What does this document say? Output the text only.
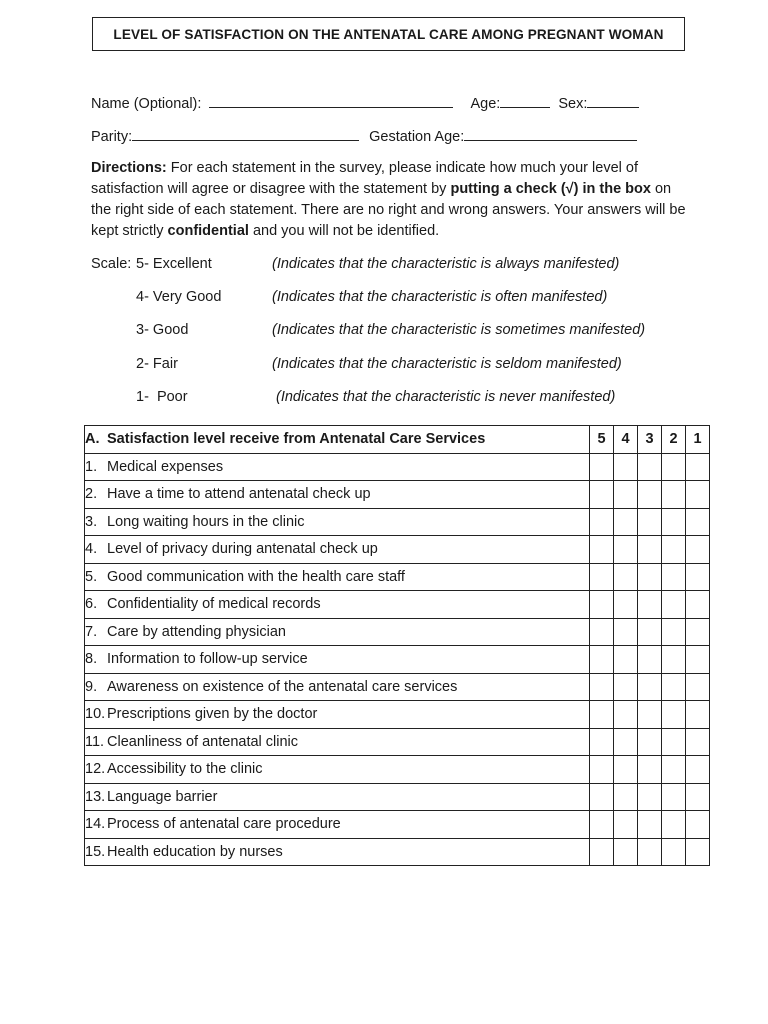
LEVEL OF SATISFACTION ON THE ANTENATAL CARE AMONG PREGNANT WOMAN
Name (Optional):	Age:	Sex:
Parity:	Gestation Age:
Directions: For each statement in the survey, please indicate how much your level of satisfaction will agree or disagree with the statement by putting a check (√) in the box on the right side of each statement. There are no right and wrong answers. Your answers will be kept strictly confidential and you will not be identified.
Scale: 5- Excellent	(Indicates that the characteristic is always manifested)
4- Very Good	(Indicates that the characteristic is often manifested)
3- Good	(Indicates that the characteristic is sometimes manifested)
2- Fair	(Indicates that the characteristic is seldom manifested)
1-  Poor	(Indicates that the characteristic is never manifested)
A. Satisfaction level receive from Antenatal Care Services	5	4	3	2	1
1. Medical expenses					
2. Have a time to attend antenatal check up					
3. Long waiting hours in the clinic					
4. Level of privacy during antenatal check up					
5. Good communication with the health care staff					
6. Confidentiality of medical records					
7. Care by attending physician					
8. Information to follow-up service					
9. Awareness on existence of the antenatal care services					
10. Prescriptions given by the doctor					
11. Cleanliness of antenatal clinic					
12. Accessibility to the clinic					
13. Language barrier					
14. Process of antenatal care procedure					
15. Health education by nurses					
